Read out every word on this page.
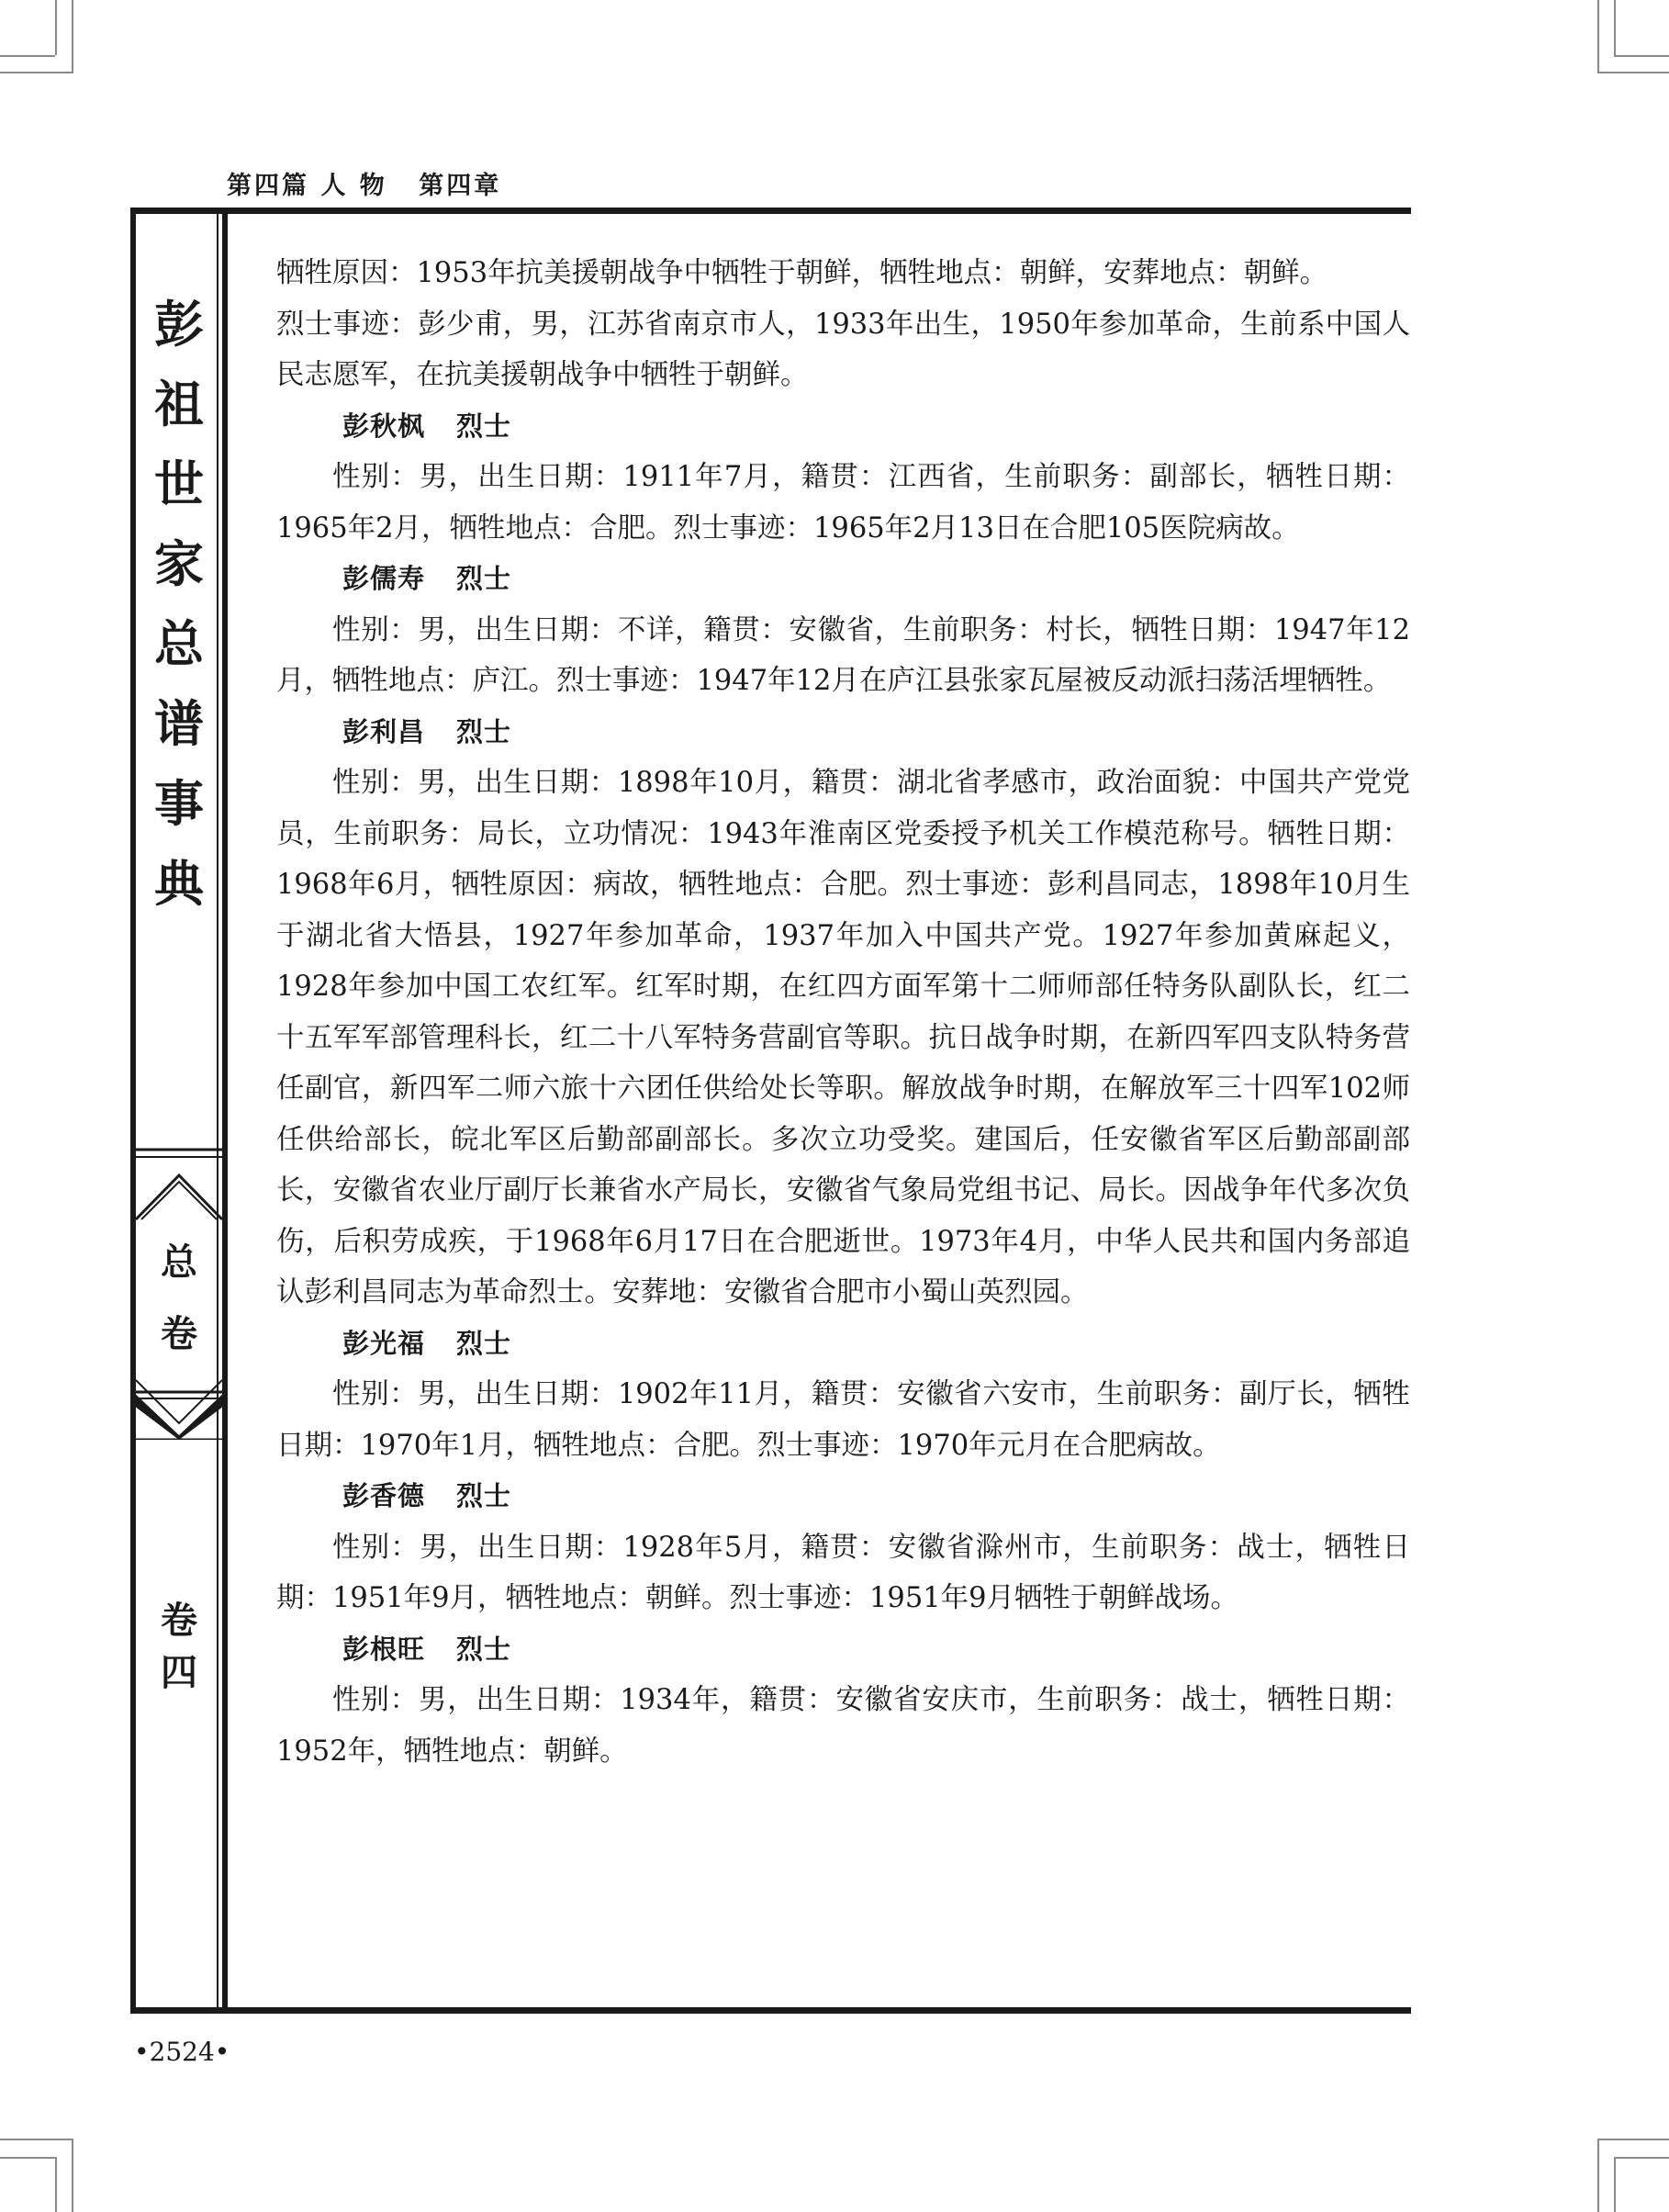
第四篇 人 物 第四章
彭
祖
世
家
总
谱
事
典
总
卷
卷
四

牺牲原因：1953年抗美援朝战争中牺牲于朝鲜，牺牲地点：朝鲜，安葬地点：朝鲜。

烈士事迹：彭少甫，男，江苏省南京市人，1933年出生，1950年参加革命，生前系中国人民志愿军，在抗美援朝战争中牺牲于朝鲜。

彭秋枫 烈士

性别：男，出生日期：1911年7月，籍贯：江西省，生前职务：副部长，牺牲日期：1965年2月，牺牲地点：合肥。烈士事迹：1965年2月13日在合肥105医院病故。

彭儒寿 烈士

性别：男，出生日期：不详，籍贯：安徽省，生前职务：村长，牺牲日期：1947年12月，牺牲地点：庐江。烈士事迹：1947年12月在庐江县张家瓦屋被反动派扫荡活埋牺牲。

彭利昌 烈士

性别：男，出生日期：1898年10月，籍贯：湖北省孝感市，政治面貌：中国共产党党员，生前职务：局长，立功情况：1943年淮南区党委授予机关工作模范称号。牺牲日期：1968年6月，牺牲原因：病故，牺牲地点：合肥。烈士事迹：彭利昌同志，1898年10月生于湖北省大悟县，1927年参加革命，1937年加入中国共产党。1927年参加黄麻起义，1928年参加中国工农红军。红军时期，在红四方面军第十二师师部任特务队副队长，红二十五军军部管理科长，红二十八军特务营副官等职。抗日战争时期，在新四军四支队特务营任副官，新四军二师六旅十六团任供给处长等职。解放战争时期，在解放军三十四军102师任供给部长，皖北军区后勤部副部长。多次立功受奖。建国后，任安徽省军区后勤部副部长，安徽省农业厅副厅长兼省水产局长，安徽省气象局党组书记、局长。因战争年代多次负伤，后积劳成疾，于1968年6月17日在合肥逝世。1973年4月，中华人民共和国内务部追认彭利昌同志为革命烈士。安葬地：安徽省合肥市小蜀山英烈园。

彭光福 烈士

性别：男，出生日期：1902年11月，籍贯：安徽省六安市，生前职务：副厅长，牺牲日期：1970年1月，牺牲地点：合肥。烈士事迹：1970年元月在合肥病故。

彭香德 烈士

性别：男，出生日期：1928年5月，籍贯：安徽省滁州市，生前职务：战士，牺牲日期：1951年9月，牺牲地点：朝鲜。烈士事迹：1951年9月牺牲于朝鲜战场。

彭根旺 烈士

性别：男，出生日期：1934年，籍贯：安徽省安庆市，生前职务：战士，牺牲日期：1952年，牺牲地点：朝鲜。

•2524•
